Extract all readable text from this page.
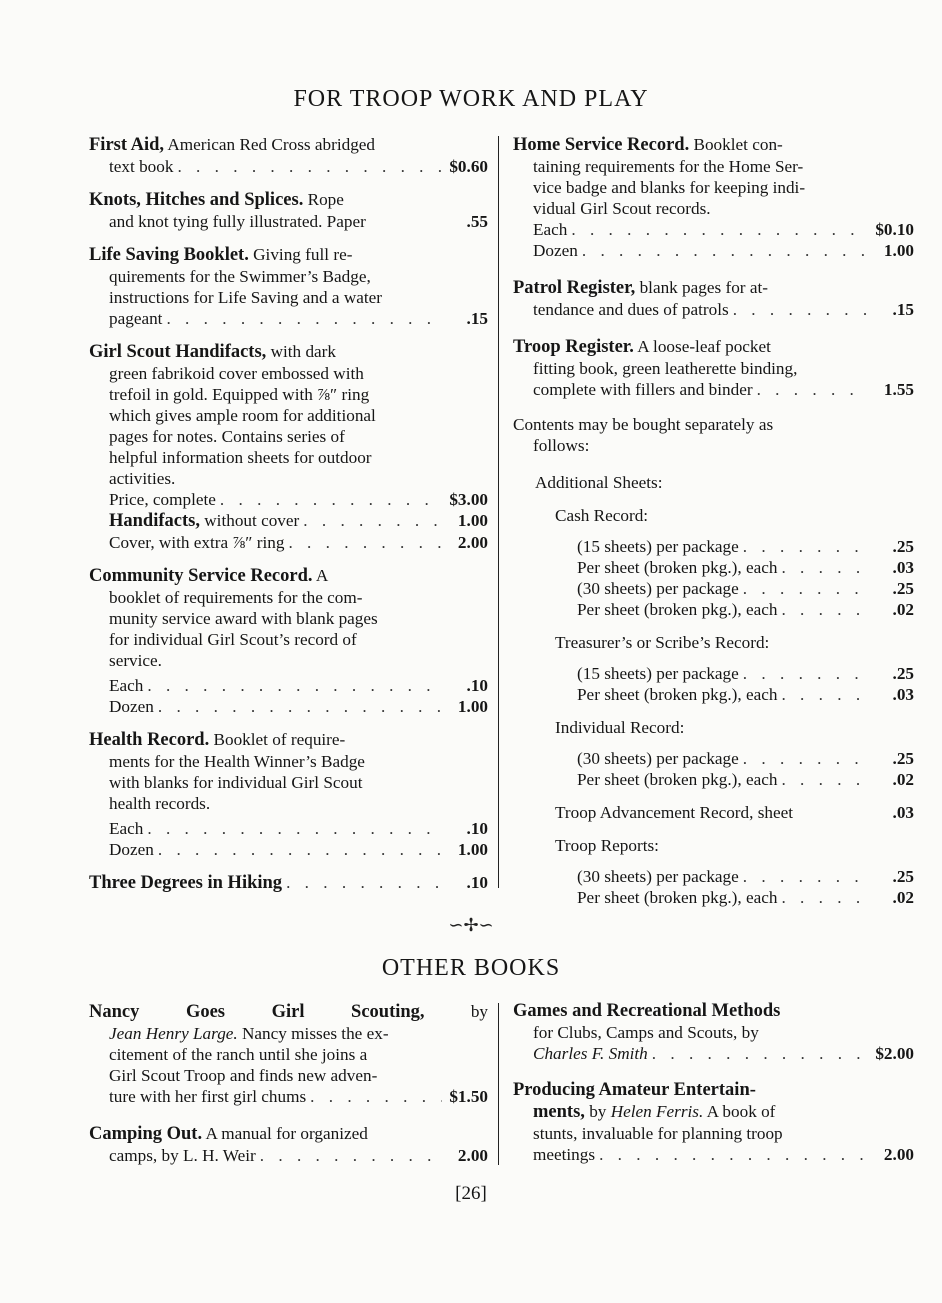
FOR TROOP WORK AND PLAY
First Aid, American Red Cross abridged
text book . . .	$0.60
Knots, Hitches and Splices. Rope
and knot tying fully illustrated. Paper	.55
Life Saving Booklet. Giving full re-
quirements for the Swimmer’s Badge,
instructions for Life Saving and a water
pageant . . .	.15
Girl Scout Handifacts, with dark
green fabrikoid cover embossed with
trefoil in gold. Equipped with ⅞″ ring
which gives ample room for additional
pages for notes. Contains series of
helpful information sheets for outdoor
activities.
Price, complete . . .	$3.00
Handifacts, without cover . . .	1.00
Cover, with extra ⅞″ ring . . .	2.00
Community Service Record. A
booklet of requirements for the com-
munity service award with blank pages
for individual Girl Scout’s record of
service.
Each . . .	.10
Dozen . . .	1.00
Health Record. Booklet of require-
ments for the Health Winner’s Badge
with blanks for individual Girl Scout
health records.
Each . . .	.10
Dozen . . .	1.00
Three Degrees in Hiking . . .	.10
Home Service Record. Booklet con-
taining requirements for the Home Ser-
vice badge and blanks for keeping indi-
vidual Girl Scout records.
Each . . .	$0.10
Dozen . . .	1.00
Patrol Register, blank pages for at-
tendance and dues of patrols . . .	.15
Troop Register. A loose-leaf pocket
fitting book, green leatherette binding,
complete with fillers and binder . . .	1.55
Contents may be bought separately as
follows:
Additional Sheets:
Cash Record:
(15 sheets) per package . . .	.25
Per sheet (broken pkg.), each . . .	.03
(30 sheets) per package . . .	.25
Per sheet (broken pkg.), each . . .	.02
Treasurer’s or Scribe’s Record:
(15 sheets) per package . . .	.25
Per sheet (broken pkg.), each . . .	.03
Individual Record:
(30 sheets) per package . . .	.25
Per sheet (broken pkg.), each . . .	.02
Troop Advancement Record, sheet	.03
Troop Reports:
(30 sheets) per package . . .	.25
Per sheet (broken pkg.), each . . .	.02
∽✢∽
OTHER BOOKS
Nancy Goes Girl Scouting,	by
Jean Henry Large. Nancy misses the ex-
citement of the ranch until she joins a
Girl Scout Troop and finds new adven-
ture with her first girl chums . . .	$1.50
Camping Out. A manual for organized
camps, by L. H. Weir . . .	2.00
Games and Recreational Methods
for Clubs, Camps and Scouts, by
Charles F. Smith . . .	$2.00
Producing Amateur Entertain-
ments, by Helen Ferris. A book of
stunts, invaluable for planning troop
meetings . . .	2.00
[26]
